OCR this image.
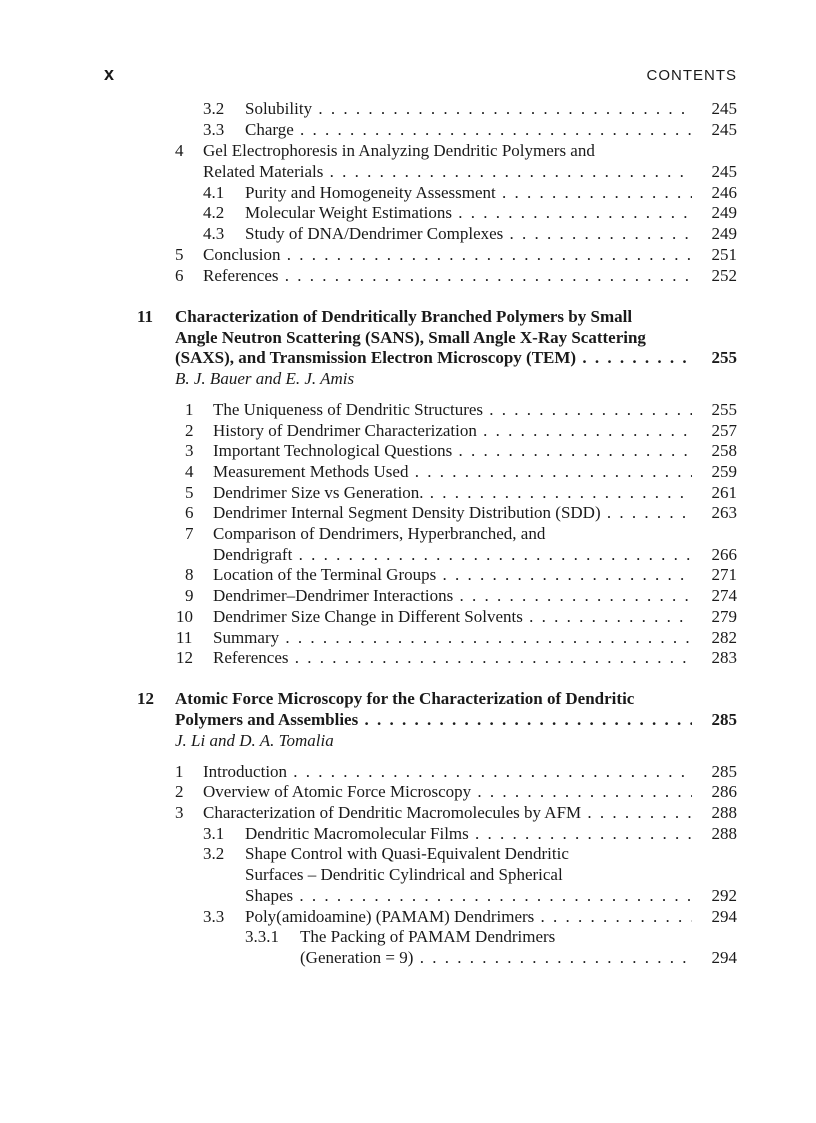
x	CONTENTS
3.2 Solubility . . .	245
3.3 Charge . . .	245
4 Gel Electrophoresis in Analyzing Dendritic Polymers and
Related Materials . . .	245
4.1 Purity and Homogeneity Assessment . . .	246
4.2 Molecular Weight Estimations . . .	249
4.3 Study of DNA/Dendrimer Complexes . . .	249
5 Conclusion . . .	251
6 References . . .	252
11 Characterization of Dendritically Branched Polymers by Small
Angle Neutron Scattering (SANS), Small Angle X-Ray Scattering
(SAXS), and Transmission Electron Microscopy (TEM) . . .	255
B. J. Bauer and E. J. Amis
1 The Uniqueness of Dendritic Structures . . .	255
2 History of Dendrimer Characterization . . .	257
3 Important Technological Questions . . .	258
4 Measurement Methods Used . . .	259
5 Dendrimer Size vs Generation. . . .	261
6 Dendrimer Internal Segment Density Distribution (SDD) . . .	263
7 Comparison of Dendrimers, Hyperbranched, and
Dendrigraft . . .	266
8 Location of the Terminal Groups . . .	271
9 Dendrimer–Dendrimer Interactions . . .	274
10 Dendrimer Size Change in Different Solvents . . .	279
11 Summary . . .	282
12 References . . .	283
12 Atomic Force Microscopy for the Characterization of Dendritic
Polymers and Assemblies . . .	285
J. Li and D. A. Tomalia
1 Introduction . . .	285
2 Overview of Atomic Force Microscopy . . .	286
3 Characterization of Dendritic Macromolecules by AFM . . .	288
3.1 Dendritic Macromolecular Films . . .	288
3.2 Shape Control with Quasi-Equivalent Dendritic
Surfaces – Dendritic Cylindrical and Spherical
Shapes . . .	292
3.3 Poly(amidoamine) (PAMAM) Dendrimers . . .	294
3.3.1 The Packing of PAMAM Dendrimers
(Generation = 9) . . .	294
